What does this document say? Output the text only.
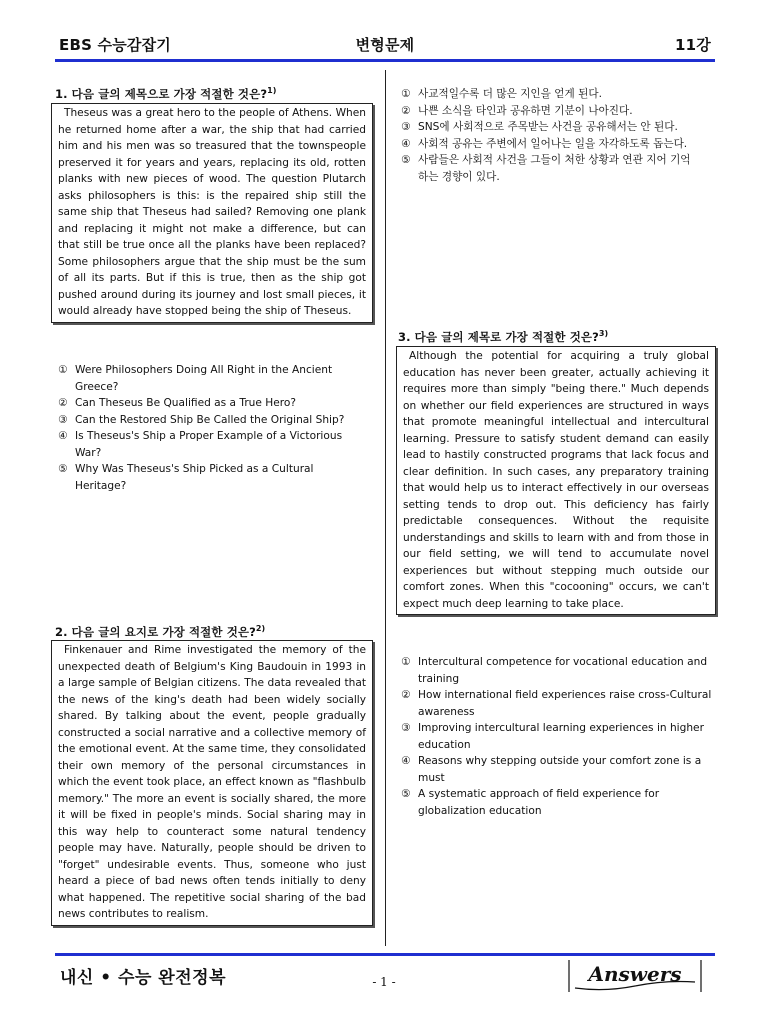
EBS 수능감잡기	변형문제	11강
1. 다음 글의 제목으로 가장 적절한 것은?$^{1)}$

Theseus was a great hero to the people of Athens. When he returned home after a war, the ship that had carried him and his men was so treasured that the townspeople preserved it for years and years, replacing its old, rotten planks with new pieces of wood. The question Plutarch asks philosophers is this: is the repaired ship still the same ship that Theseus had sailed? Removing one plank and replacing it might not make a difference, but can that still be true once all the planks have been replaced? Some philosophers argue that the ship must be the sum of all its parts. But if this is true, then as the ship got pushed around during its journey and lost small pieces, it would already have stopped being the ship of Theseus.

① Were Philosophers Doing All Right in the Ancient Greece?
② Can Theseus Be Qualified as a True Hero?
③ Can the Restored Ship Be Called the Original Ship?
④ Is Theseus's Ship a Proper Example of a Victorious War?
⑤ Why Was Theseus's Ship Picked as a Cultural Heritage?
2. 다음 글의 요지로 가장 적절한 것은?$^{2)}$

Finkenauer and Rime investigated the memory of the unexpected death of Belgium's King Baudouin in 1993 in a large sample of Belgian citizens. The data revealed that the news of the king's death had been widely socially shared. By talking about the event, people gradually constructed a social narrative and a collective memory of the emotional event. At the same time, they consolidated their own memory of the personal circumstances in which the event took place, an effect known as "flashbulb memory." The more an event is socially shared, the more it will be fixed in people's minds. Social sharing may in this way help to counteract some natural tendency people may have. Naturally, people should be driven to "forget" undesirable events. Thus, someone who just heard a piece of bad news often tends initially to deny what happened. The repetitive social sharing of the bad news contributes to realism.

① 사교적일수록 더 많은 지인을 얻게 된다.
② 나쁜 소식을 타인과 공유하면 기분이 나아진다.
③ SNS에 사회적으로 주목받는 사건을 공유해서는 안 된다.
④ 사회적 공유는 주변에서 일어나는 일을 자각하도록 돕는다.
⑤ 사람들은 사회적 사건을 그들이 처한 상황과 연관 지어 기억하는 경향이 있다.
3. 다음 글의 제목로 가장 적절한 것은?$^{3)}$

Although the potential for acquiring a truly global education has never been greater, actually achieving it requires more than simply "being there." Much depends on whether our field experiences are structured in ways that promote meaningful intellectual and intercultural learning. Pressure to satisfy student demand can easily lead to hastily constructed programs that lack focus and clear definition. In such cases, any preparatory training that would help us to interact effectively in our overseas setting tends to drop out. This deficiency has fairly predictable consequences. Without the requisite understandings and skills to learn with and from those in our field setting, we will tend to accumulate novel experiences but without stepping much outside our comfort zones. When this "cocooning" occurs, we can't expect much deep learning to take place.

① Intercultural competence for vocational education and training
② How international field experiences raise cross-Cultural awareness
③ Improving intercultural learning experiences in higher education
④ Reasons why stepping outside your comfort zone is a must
⑤ A systematic approach of field experience for globalization education
내신 • 수능 완전정복	- 1 -	Answers
